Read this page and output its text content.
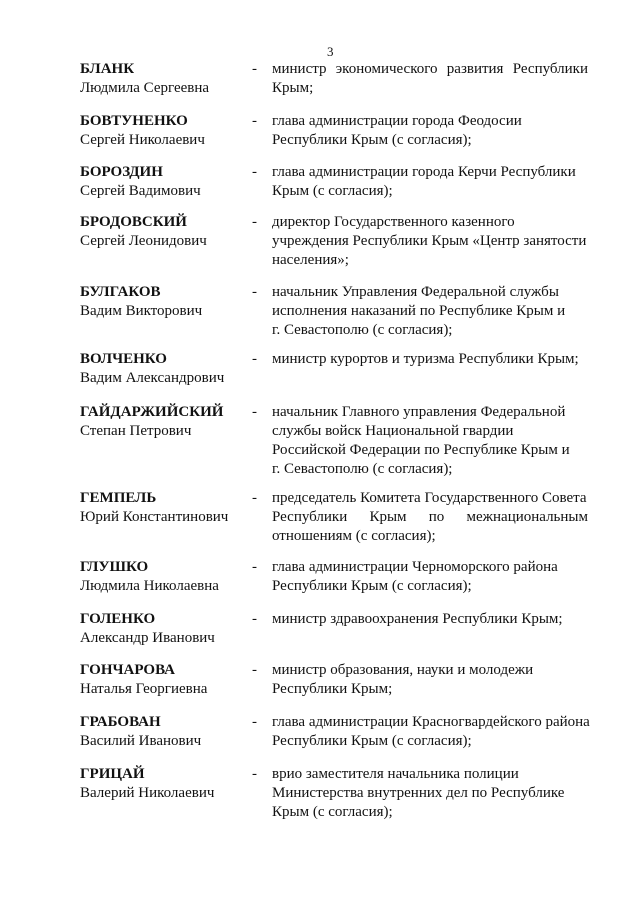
3
БЛАНК
Людмила Сергеевна
- министр экономического развития Республики
Крым;
БОВТУНЕНКО
Сергей Николаевич
- глава администрации города Феодосии
Республики Крым (с согласия);
БОРОЗДИН
Сергей Вадимович
- глава администрации города Керчи Республики
Крым (с согласия);
БРОДОВСКИЙ
Сергей Леонидович
- директор Государственного казенного
учреждения Республики Крым «Центр занятости
населения»;
БУЛГАКОВ
Вадим Викторович
- начальник Управления Федеральной службы
исполнения наказаний по Республике Крым и
г. Севастополю (с согласия);
ВОЛЧЕНКО
Вадим Александрович
- министр курортов и туризма Республики Крым;
ГАЙДАРЖИЙСКИЙ
Степан Петрович
- начальник Главного управления Федеральной
службы войск Национальной гвардии
Российской Федерации по Республике Крым и
г. Севастополю (с согласия);
ГЕМПЕЛЬ
Юрий Константинович
- председатель Комитета Государственного Совета
Республики Крым по межнациональным
отношениям (с согласия);
ГЛУШКО
Людмила Николаевна
- глава администрации Черноморского района
Республики Крым (с согласия);
ГОЛЕНКО
Александр Иванович
- министр здравоохранения Республики Крым;
ГОНЧАРОВА
Наталья Георгиевна
- министр образования, науки и молодежи
Республики Крым;
ГРАБОВАН
Василий Иванович
- глава администрации Красногвардейского района
Республики Крым (с согласия);
ГРИЦАЙ
Валерий Николаевич
- врио заместителя начальника полиции
Министерства внутренних дел по Республике
Крым (с согласия);
